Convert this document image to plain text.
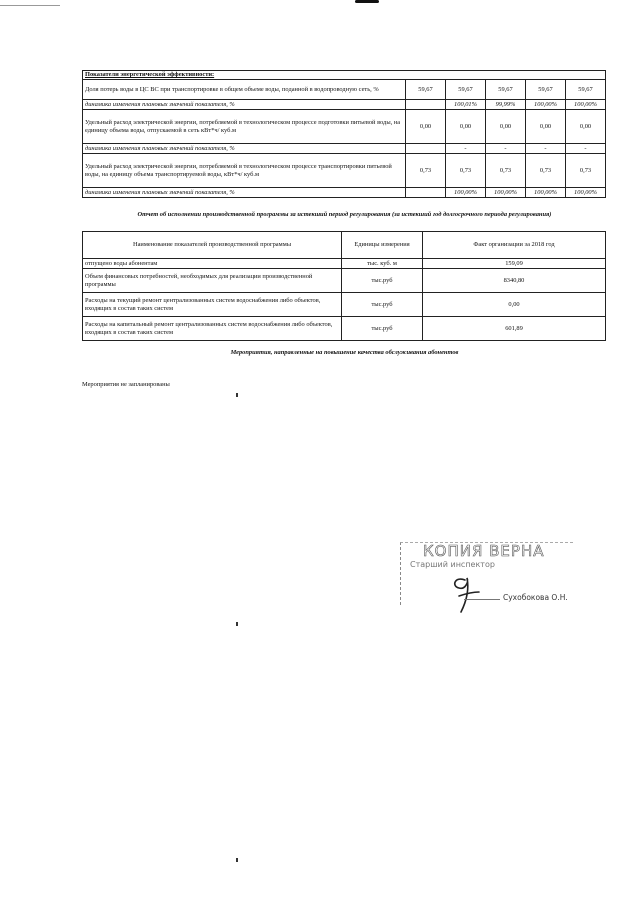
Показатели энергетической эффективности:					
Доля потерь воды в ЦС ВС при транспортировке в общем объеме воды, поданной в водопроводную сеть, %	59,67	59,67	59,67	59,67	59,67
динамика изменения плановых значений показателя, %		100,01%	99,99%	100,00%	100,00%
Удельный расход электрической энергии, потребляемой в технологическом процессе подготовки питьевой воды, на единицу объема воды, отпускаемой в сеть кВт*ч/ куб.м	0,00	0,00	0,00	0,00	0,00
динамика изменения плановых значений показателя, %		-	-	-	-
Удельный расход электрической энергии, потребляемой в технологическом процессе транспортировки питьевой воды, на единицу объема транспортируемой воды, кВт*ч/ куб.м	0,73	0,73	0,73	0,73	0,73
динамика изменения плановых значений показателя, %		100,00%	100,00%	100,00%	100,00%
Отчет об исполнении производственной программы за истекший период регулирования (за истекший год долгосрочного периода регулирования)
Наименование показателей производственной программы	Единицы измерения	Факт организации за 2018 год
отпущено воды абонентам	тыс. куб. м	159,09
Объем финансовых потребностей, необходимых для реализации производственной программы	тыс.руб	8340,80
Расходы на текущий ремонт централизованных систем водоснабжения либо объектов, входящих в состав таких систем	тыс.руб	0,00
Расходы на капитальный ремонт централизованных систем водоснабжения либо объектов, входящих в состав таких систем	тыс.руб	601,89
Мероприятия, направленные на повышение качества обслуживания абонентов
Мероприятия не запланированы
КОПИЯ ВЕРНА
Старший инспектор
Сухобокова О.Н.
